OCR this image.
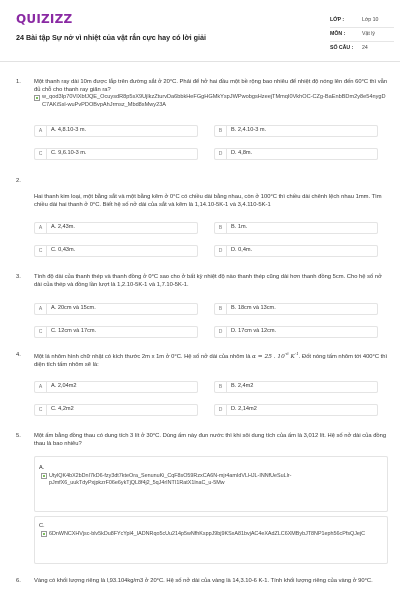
QUIZIZZ
24 Bài tập Sự nở vì nhiệt của vật rắn cực hay có lời giải
LỚP :	Lớp 10
MÔN :	Vật lý
SỐ CÂU :	24
1. Một thanh ray dài 10m được lắp trên đường sắt ở 20°C. Phải để hở hai đầu một bề rộng bao nhiêu để nhiệt độ nóng lên đến 60°C thì vẫn đủ chỗ cho thanh ray giãn ra?
w_qod3Ip70VIXbfJQE_OcuysdR8p5sX9UjlkzZturvDa6bbkHeFGgHGMkYspJWPwobgsHzeejTMmqI0VkhOC-CZg-BaEnbBDm2y8e54nygDC7AKiSsl-wuPvPDOBvpAhJrmsz_Mbd8sMwy23A
A	A. 4,8.10-3 m.	B	B. 2,4.10-3 m.
C	C. 9,6.10-3 m.	D	D. 4,8m.
2.
Hai thanh kim loại, một bằng sắt và một bằng kẽm ở 0°C có chiều dài bằng nhau, còn ở 100°C thì chiều dài chênh lệch nhau 1mm. Tìm chiều dài hai thanh ở 0°C. Biết hệ số nở dài của sắt và kẽm là 1,14.10-5K-1 và 3,4.110-5K-1
A	A. 2,43m.	B	B. 1m.
C	C. 0,43m.	D	D. 0,4m.
3. Tính độ dài của thanh thép và thanh đồng ở 0°C sao cho ở bất kỳ nhiệt độ nào thanh thép cũng dài hơn thanh đồng 5cm. Cho hệ số nở dài của thép và đồng lần lượt là 1,2.10-5K-1 và 1,7.10-5K-1.
A	A. 20cm và 15cm.	B	B. 18cm và 13cm.
C	C. 12cm và 17cm.	D	D. 17cm và 12cm.
4. Một lá nhôm hình chữ nhật có kích thước 2m x 1m ở 0°C. Hệ số nở dài của nhôm là α = 25 . $10^{-6}$ $K^{-1}$. Đốt nóng tấm nhôm tới 400°C thì diện tích tấm nhôm sẽ là:
A	A. 2,04m2	B	B. 2,4m2
C	C. 4,2m2	D	D. 2,14m2
5. Một ấm bằng đồng thau có dung tích 3 lít ở 30°C. Dùng ấm này đun nước thì khi sôi dung tích của ấm là 3,012 lít. Hệ số nở dài của đồng thau là bao nhiêu?
A.
UtylQK4bX2bDnI7kD6-fzy3dt7kteOra_SenunuKi_CqF8sO59RzxCA6N-mjr4amIdVLHJL-INNfUeSuLlr-pJmfX6_uukTdyPxjpkzrF06e6ykTjQL8f4j2_5qJ4rINTI1RatX1lnaC_u-5Mw
C.
6DnWNCXHVjsc-blv5kDu8FYcYpl4_IADNRqo5cUu214p5wNfhKsppJ9bj9KSxA81bvjAC4eXAdZLC6XMBybJT8NP1eph56cPfsQJejC
6. Vàng có khối lượng riêng là l,93.104kg/m3 ở 20°C. Hệ số nở dài của vàng là 14,3.10-6 K-1. Tính khối lượng riêng của vàng ở 90°C.
